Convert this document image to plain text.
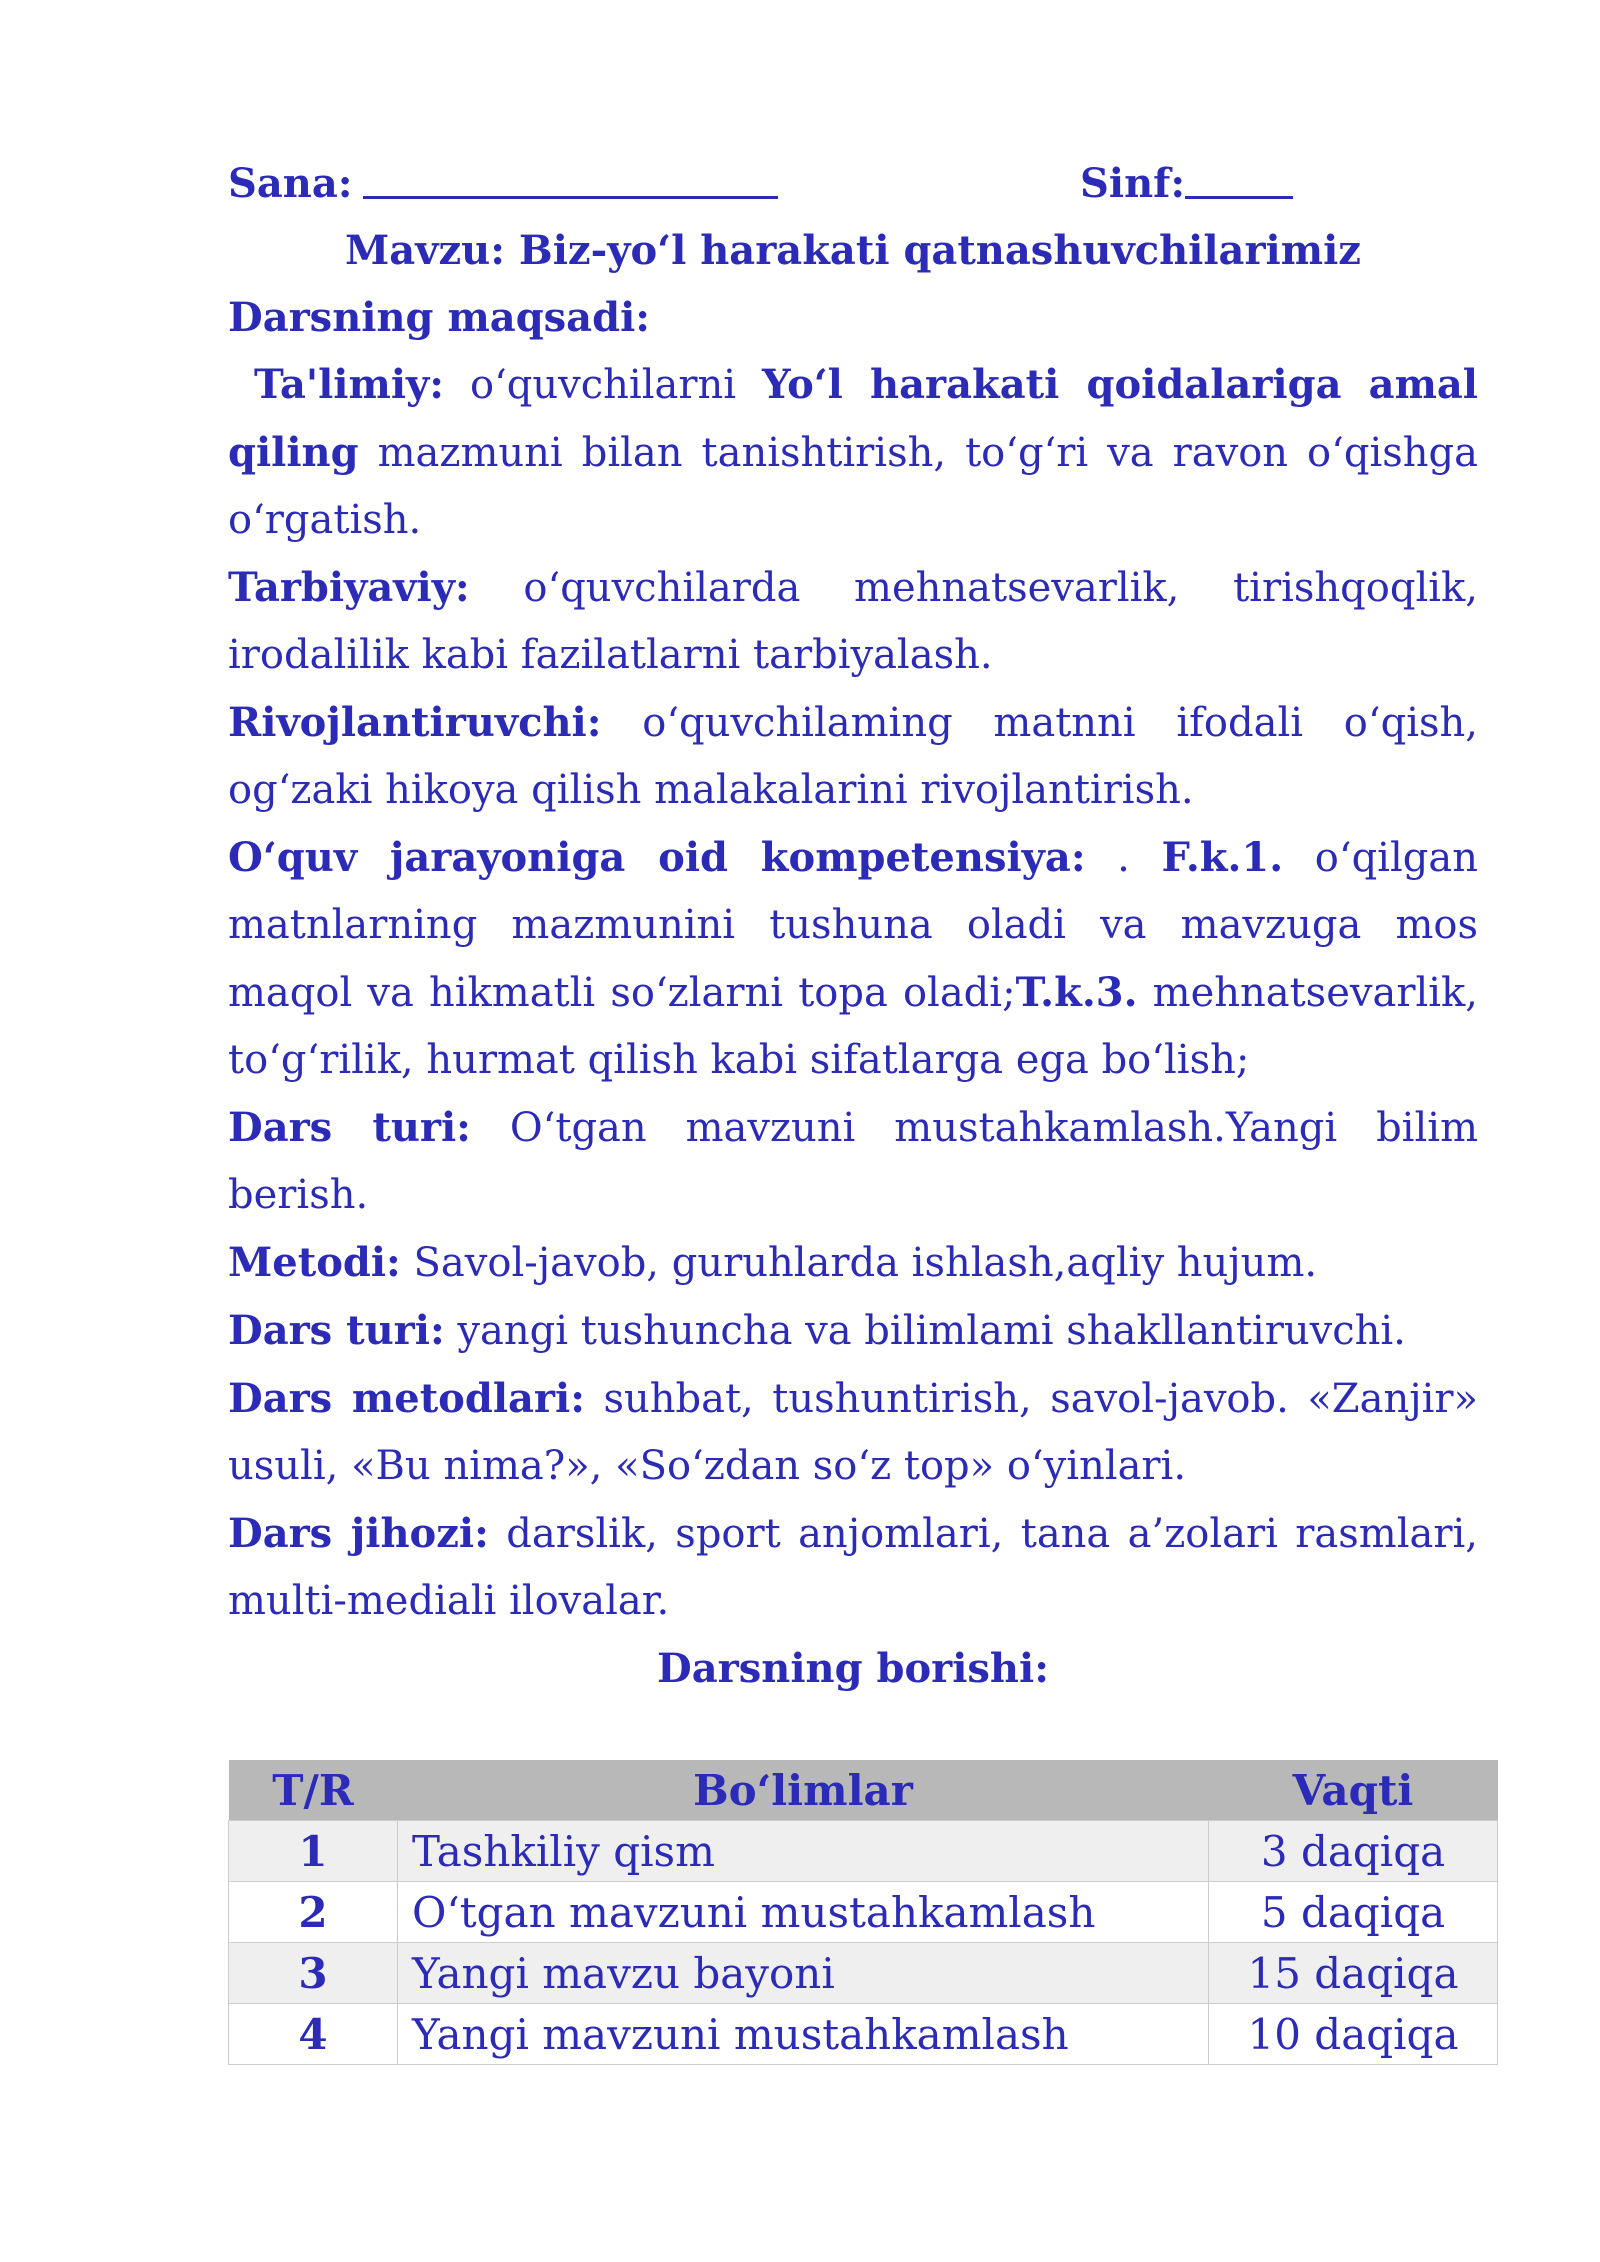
Sana:	Sinf:
Mavzu: Biz-yo‘l harakati qatnashuvchilarimiz
Darsning maqsadi:
Ta'limiy: o‘quvchilarni Yo‘l harakati qoidalariga amal qiling mazmuni bilan tanishtirish, to‘g‘ri va ravon o‘qishga o‘rgatish.
Tarbiyaviy: o‘quvchilarda mehnatsevarlik, tirishqoqlik, irodalilik kabi fazilatlarni tarbiyalash.
Rivojlantiruvchi: o‘quvchilaming matnni ifodali o‘qish, og‘zaki hikoya qilish malakalarini rivojlantirish.
O‘quv jarayoniga oid kompetensiya: . F.k.1. o‘qilgan matnlarning mazmunini tushuna oladi va mavzuga mos maqol va hikmatli so‘zlarni topa oladi;T.k.3. mehnatsevarlik, to‘g‘rilik, hurmat qilish kabi sifatlarga ega bo‘lish;
Dars turi: O‘tgan mavzuni mustahkamlash.Yangi bilim berish.
Metodi: Savol-javob, guruhlarda ishlash,aqliy hujum.
Dars turi: yangi tushuncha va bilimlami shakllantiruvchi.
Dars metodlari: suhbat, tushuntirish, savol-javob. «Zanjir» usuli, «Bu nima?», «So‘zdan so‘z top» o‘yinlari.
Dars jihozi: darslik, sport anjomlari, tana a’zolari rasmlari, multi-mediali ilovalar.
Darsning borishi:
T/R	Bo‘limlar	Vaqti
1	Tashkiliy qism	3 daqiqa
2	O‘tgan mavzuni mustahkamlash	5 daqiqa
3	Yangi mavzu bayoni	15 daqiqa
4	Yangi mavzuni mustahkamlash	10 daqiqa
